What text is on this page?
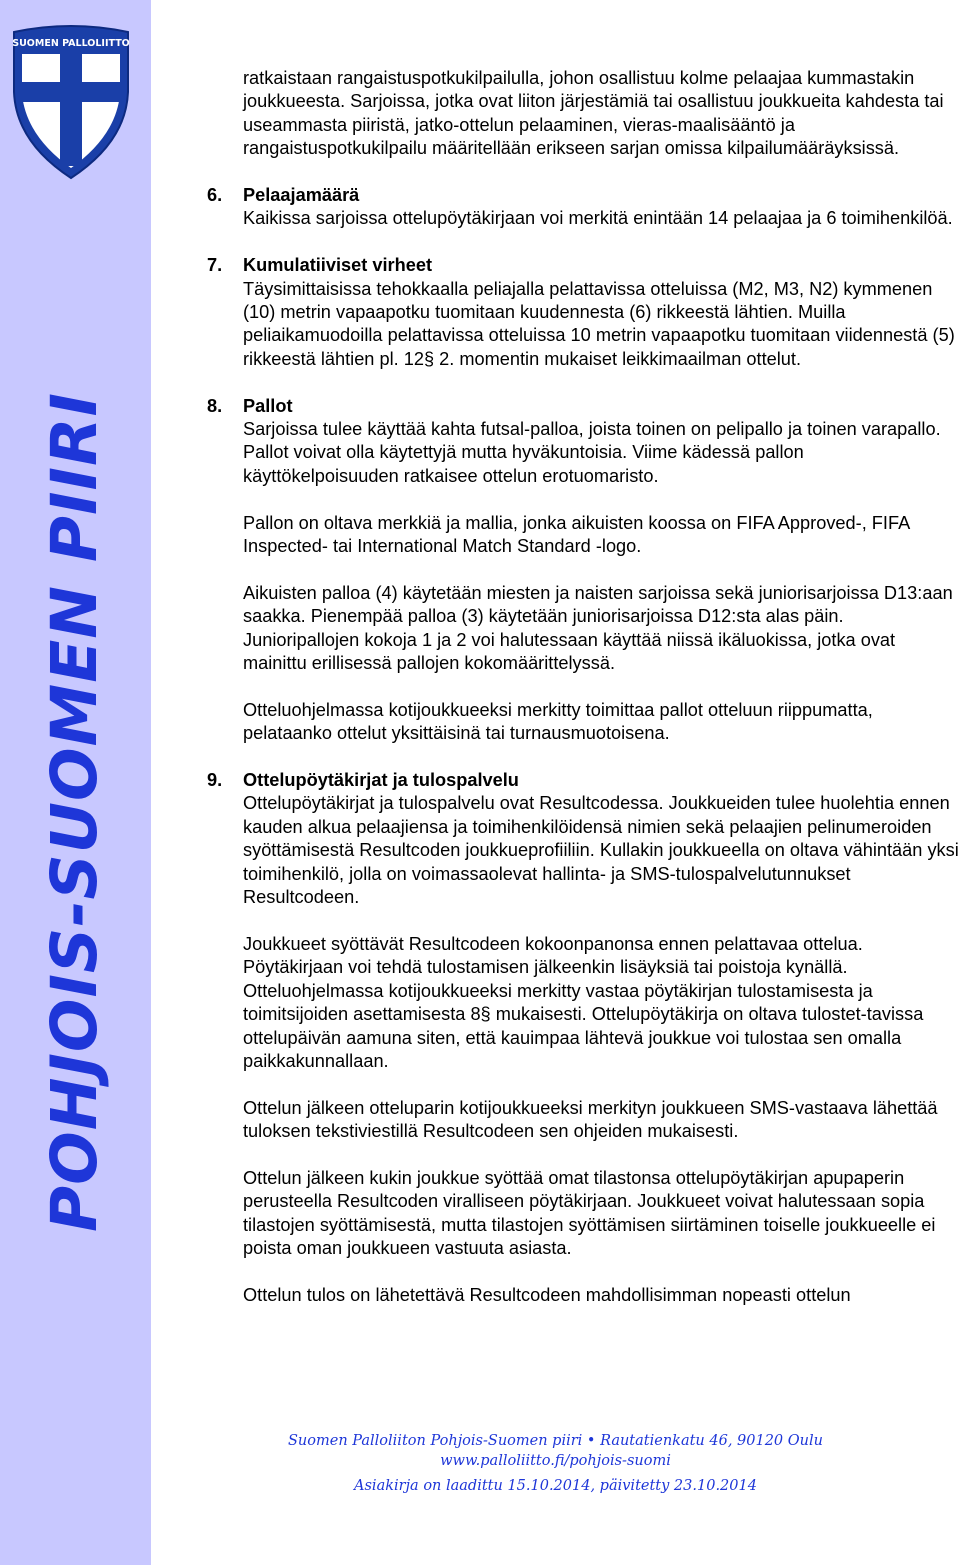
SUOMEN PALLOLIITTO
POHJOIS-SUOMEN PIIRI

ratkaistaan rangaistuspotkukilpailulla, johon osallistuu kolme pelaajaa kummastakin joukkueesta. Sarjoissa, jotka ovat liiton järjestämiä tai osallistuu joukkueita kahdesta tai useammasta piiristä, jatko-ottelun pelaaminen, vieras-maalisääntö ja rangaistuspotkukilpailu määritellään erikseen sarjan omissa kilpailumääräyksissä.

6. Pelaajamäärä

Kaikissa sarjoissa ottelupöytäkirjaan voi merkitä enintään 14 pelaajaa ja 6 toimihenkilöä.

7. Kumulatiiviset virheet

Täysimittaisissa tehokkaalla peliajalla pelattavissa otteluissa (M2, M3, N2) kymmenen (10) metrin vapaapotku tuomitaan kuudennesta (6) rikkeestä lähtien. Muilla peliaikamuodoilla pelattavissa otteluissa 10 metrin vapaapotku tuomitaan viidennestä (5) rikkeestä lähtien pl. 12§ 2. momentin mukaiset leikkimaailman ottelut.

8. Pallot

Sarjoissa tulee käyttää kahta futsal-palloa, joista toinen on pelipallo ja toinen varapallo. Pallot voivat olla käytettyjä mutta hyväkuntoisia. Viime kädessä pallon käyttökelpoisuuden ratkaisee ottelun erotuomaristo.

Pallon on oltava merkkiä ja mallia, jonka aikuisten koossa on FIFA Approved-, FIFA Inspected- tai International Match Standard -logo.

Aikuisten palloa (4) käytetään miesten ja naisten sarjoissa sekä juniorisarjoissa D13:aan saakka. Pienempää palloa (3) käytetään juniorisarjoissa D12:sta alas päin. Junioripallojen kokoja 1 ja 2 voi halutessaan käyttää niissä ikäluokissa, jotka ovat mainittu erillisessä pallojen kokomäärittelyssä.

Otteluohjelmassa kotijoukkueeksi merkitty toimittaa pallot otteluun riippumatta, pelataanko ottelut yksittäisinä tai turnausmuotoisena.

9. Ottelupöytäkirjat ja tulospalvelu

Ottelupöytäkirjat ja tulospalvelu ovat Resultcodessa. Joukkueiden tulee huolehtia ennen kauden alkua pelaajiensa ja toimihenkilöidensä nimien sekä pelaajien pelinumeroiden syöttämisestä Resultcoden joukkueprofiiliin. Kullakin joukkueella on oltava vähintään yksi toimihenkilö, jolla on voimassaolevat hallinta- ja SMS-tulospalvelutunnukset Resultcodeen.

Joukkueet syöttävät Resultcodeen kokoonpanonsa ennen pelattavaa ottelua. Pöytäkirjaan voi tehdä tulostamisen jälkeenkin lisäyksiä tai poistoja kynällä. Otteluohjelmassa kotijoukkueeksi merkitty vastaa pöytäkirjan tulostamisesta ja toimitsijoiden asettamisesta 8§ mukaisesti. Ottelupöytäkirja on oltava tulostet-tavissa ottelupäivän aamuna siten, että kauimpaa lähtevä joukkue voi tulostaa sen omalla paikkakunnallaan.

Ottelun jälkeen otteluparin kotijoukkueeksi merkityn joukkueen SMS-vastaava lähettää tuloksen tekstiviestillä Resultcodeen sen ohjeiden mukaisesti.

Ottelun jälkeen kukin joukkue syöttää omat tilastonsa ottelupöytäkirjan apupaperin perusteella Resultcoden viralliseen pöytäkirjaan. Joukkueet voivat halutessaan sopia tilastojen syöttämisestä, mutta tilastojen syöttämisen siirtäminen toiselle joukkueelle ei poista oman joukkueen vastuuta asiasta.

Ottelun tulos on lähetettävä Resultcodeen mahdollisimman nopeasti ottelun

Suomen Palloliiton Pohjois-Suomen piiri • Rautatienkatu 46, 90120 Oulu
www.palloliitto.fi/pohjois-suomi
Asiakirja on laadittu 15.10.2014, päivitetty 23.10.2014
